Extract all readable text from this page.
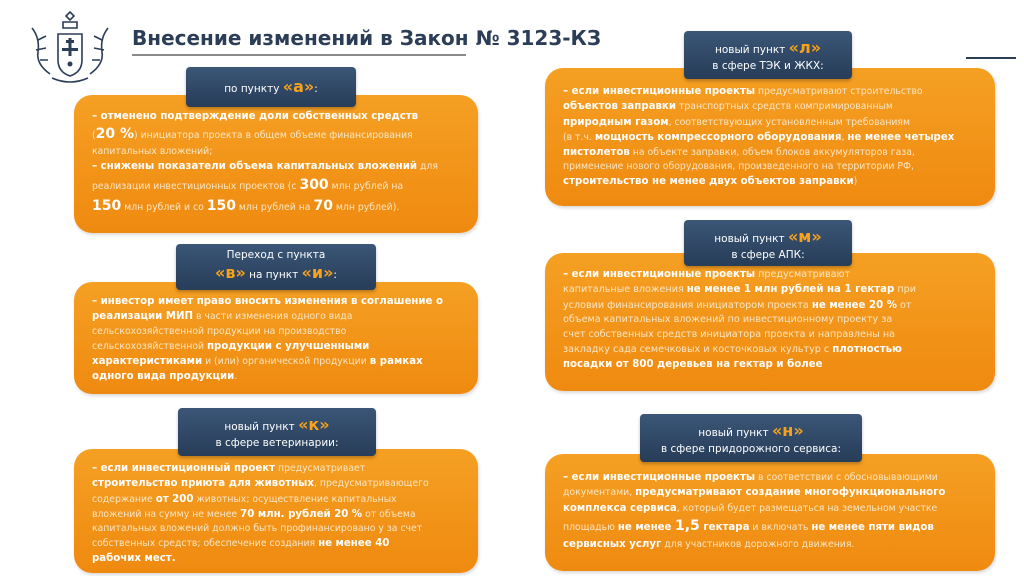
Внесение изменений в Закон № 3123-КЗ

– отменено подтверждение доли собственных средств

(20 %) инициатора проекта в общем объеме финансирования

капитальных вложений;

– снижены показатели объема капитальных вложений для

реализации инвестиционных проектов (с 300 млн рублей на

150 млн рублей и со 150 млн рублей на 70 млн рублей).

по пункту «а»:

– инвестор имеет право вносить изменения в соглашение о

реализации МИП в части изменения одного вида

сельскохозяйственной продукции на производство

сельскохозяйственной продукции с улучшенными

характеристиками и (или) органической продукции в рамках

одного вида продукции.

Переход с пункта
«в» на пункт «и»:

– если инвестиционный проект предусматривает

строительство приюта для животных, предусматривающего

содержание от 200 животных; осуществление капитальных

вложений на сумму не менее 70 млн. рублей 20 % от объема

капитальных вложений должно быть профинансировано у за счет

собственных средств; обеспечение создания не менее 40

рабочих мест.

новый пункт «к»
в сфере ветеринарии:

– если инвестиционные проекты предусматривают строительство

объектов заправки транспортных средств компримированным

природным газом, соответствующих установленным требованиям

(в т.ч. мощность компрессорного оборудования, не менее четырех

пистолетов на объекте заправки, объем блоков аккумуляторов газа,

применение нового оборудования, произведенного на территории РФ,

строительство не менее двух объектов заправки)

новый пункт «л»
в сфере ТЭК и ЖКХ:

– если инвестиционные проекты предусматривают

капитальные вложения не менее 1 млн рублей на 1 гектар при

условии финансирования инициатором проекта не менее 20 % от

объема капитальных вложений по инвестиционному проекту за

счет собственных средств инициатора проекта и направлены на

закладку сада семечковых и косточковых культур с плотностью

посадки от 800 деревьев на гектар и более

новый пункт «м»
в сфере АПК:

– если инвестиционные проекты в соответствии с обосновывающими

документами, предусматривают создание многофункционального

комплекса сервиса, который будет размещаться на земельном участке

площадью не менее 1,5 гектара и включать не менее пяти видов

сервисных услуг для участников дорожного движения.

новый пункт «н»
в сфере придорожного сервиса:
